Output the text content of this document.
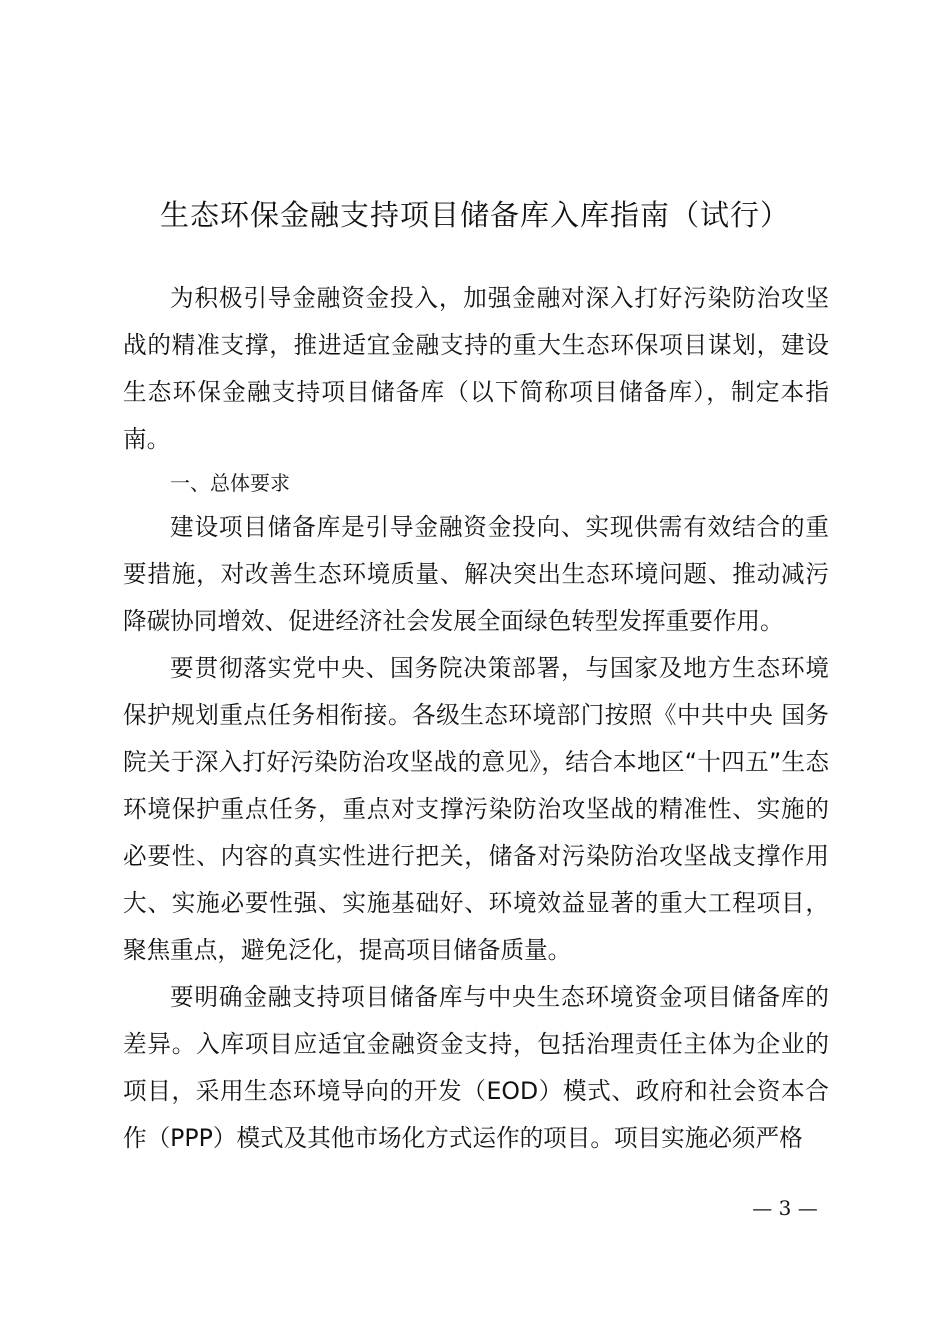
生态环保金融支持项目储备库入库指南（试行）

为积极引导金融资金投入，加强金融对深入打好污染防治攻坚战的精准支撑，推进适宜金融支持的重大生态环保项目谋划，建设生态环保金融支持项目储备库（以下简称项目储备库），制定本指南。

一、总体要求

建设项目储备库是引导金融资金投向、实现供需有效结合的重要措施，对改善生态环境质量、解决突出生态环境问题、推动减污降碳协同增效、促进经济社会发展全面绿色转型发挥重要作用。

要贯彻落实党中央、国务院决策部署，与国家及地方生态环境保护规划重点任务相衔接。各级生态环境部门按照《中共中央 国务院关于深入打好污染防治攻坚战的意见》，结合本地区“十四五”生态环境保护重点任务，重点对支撑污染防治攻坚战的精准性、实施的必要性、内容的真实性进行把关，储备对污染防治攻坚战支撑作用大、实施必要性强、实施基础好、环境效益显著的重大工程项目，聚焦重点，避免泛化，提高项目储备质量。

要明确金融支持项目储备库与中央生态环境资金项目储备库的差异。入库项目应适宜金融资金支持，包括治理责任主体为企业的项目，采用生态环境导向的开发（EOD）模式、政府和社会资本合作（PPP）模式及其他市场化方式运作的项目。项目实施必须严格

— 3 —
